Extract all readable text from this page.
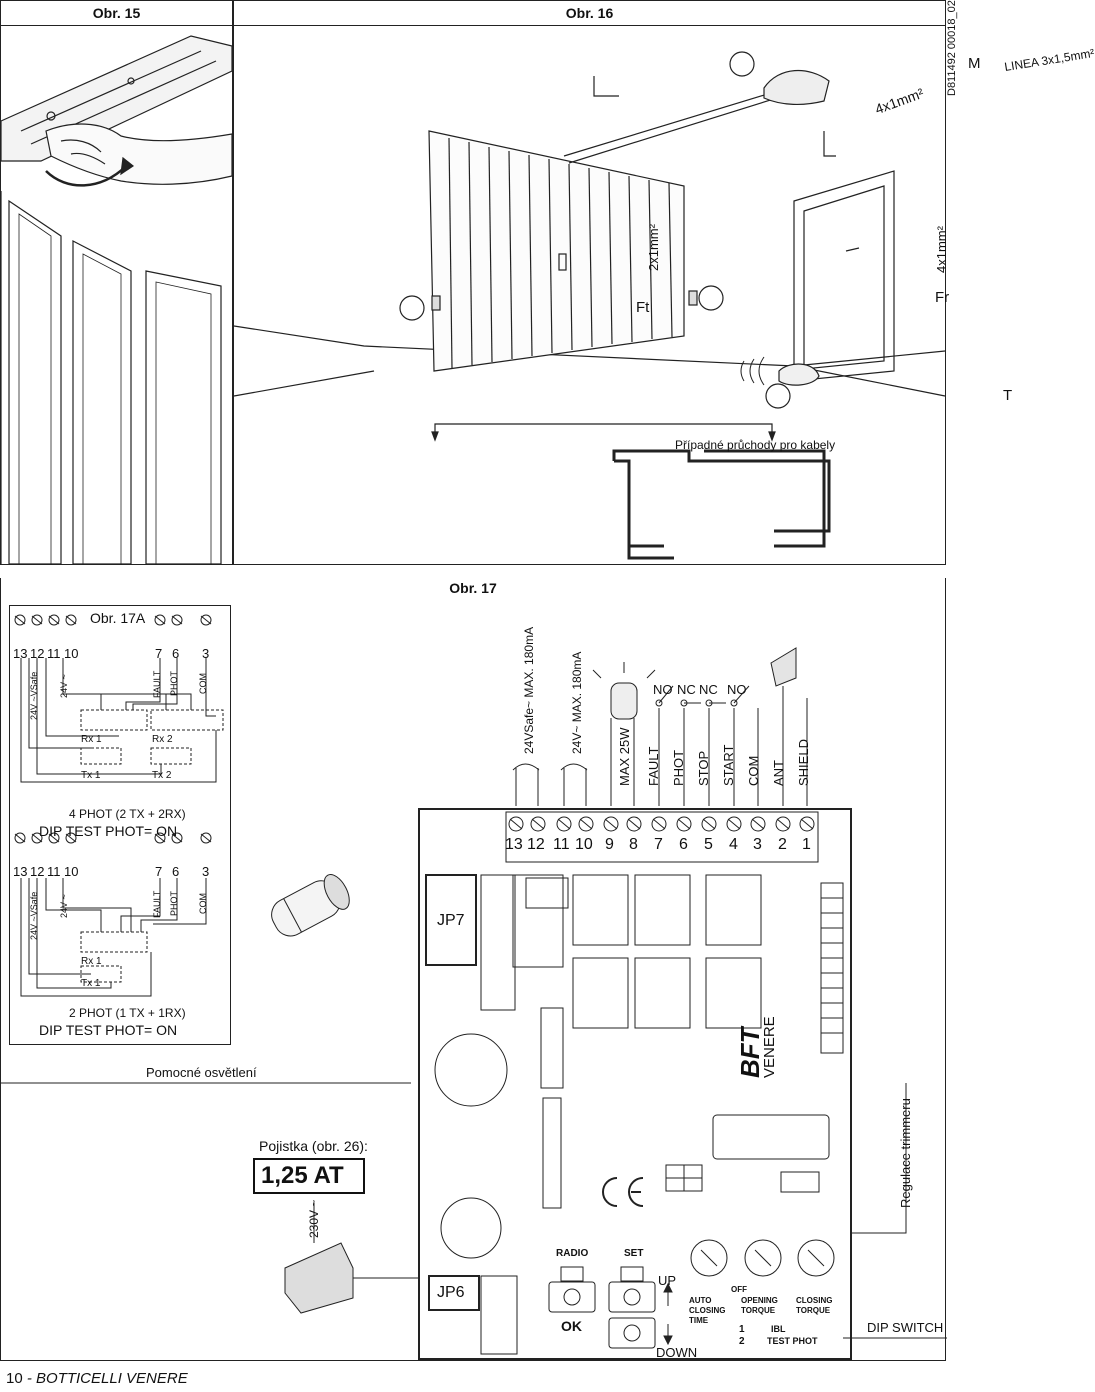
Obr. 15	Obr. 16
M LINEA 3x1,5mm²
4x1mm²
2x1mm²	4x1mm²
Ft
Fr
T
Případné průchody pro kabely
D811492 00018_02
Obr. 17
Obr. 17A
13 12 11 10	7 6 3
24V ~VSafe 24V ~	FAULT PHOT COM
Rx 1	Rx 2
Tx 1	Tx 2
4 PHOT (2 TX + 2RX)
DIP TEST PHOT= ON
13 12 11 10	7 6 3
24V ~VSafe 24V ~	FAULT PHOT COM
Rx 1
Tx 1
2 PHOT (1 TX + 1RX)
DIP TEST PHOT= ON
Pomocné osvětlení
Pojistka (obr. 26):
1,25 AT
230V ~
JP7
JP6
13 12 11 10 9 8 7 6 5 4 3 2 1
24VSafe~ MAX. 180mA	24V~ MAX. 180mA
MAX 25W FAULT PHOT STOP START COM ANT SHIELD
NO NC NC NO
BFT
VENERE
RADIO	SET
OK
UP
DOWN
AUTO CLOSING TIME
OFF
OPENING TORQUE
CLOSING TORQUE
1
2
IBL
TEST PHOT
Regulace trimmeru
DIP SWITCH
10 - BOTTICELLI VENERE
